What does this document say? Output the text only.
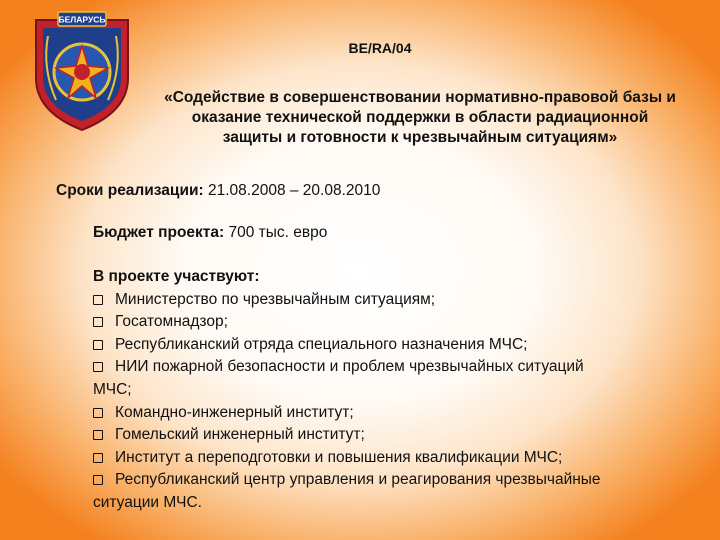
БЕЛАРУСЬ
BE/RA/04
«Содействие в совершенствовании нормативно-правовой базы и оказание технической поддержки в области радиационной защиты и готовности к чрезвычайным ситуациям»
Сроки реализации: 21.08.2008 – 20.08.2010
Бюджет проекта: 700 тыс. евро
В проекте участвуют:
Министерство по чрезвычайным ситуациям;
Госатомнадзор;
Республиканский отряда специального назначения МЧС;
НИИ пожарной безопасности и проблем чрезвычайных ситуаций
МЧС;
Командно-инженерный институт;
Гомельский инженерный институт;
Институт а переподготовки и повышения квалификации МЧС;
Республиканский центр управления и реагирования чрезвычайные
ситуации МЧС.
